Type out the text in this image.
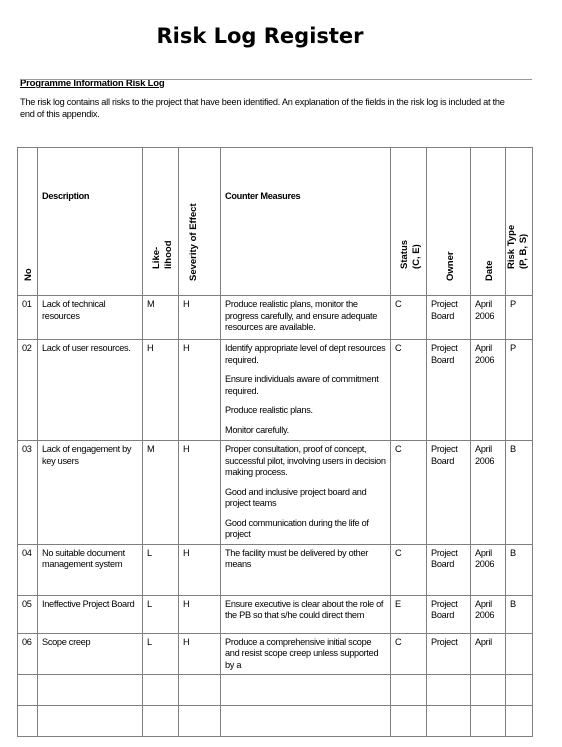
Risk Log Register
Programme Information Risk Log
The risk log contains all risks to the project that have been identified. An explanation of the fields in the risk log is included at the end of this appendix.
No	Description	Like- lihood	Severity of Effect	Counter Measures	Status (C, E)	Owner	Date	Risk Type (P, B, S)

01	Lack of technical resources	M	H	Produce realistic plans, monitor the progress carefully, and ensure adequate resources are available.	C	Project Board	April 2006	P
02	Lack of user resources.	H	H	Identify appropriate level of dept resources required.
Ensure individuals aware of commitment required.
Produce realistic plans.
Monitor carefully.	C	Project Board	April 2006	P
03	Lack of engagement by key users	M	H	Proper consultation, proof of concept, successful pilot, involving users in decision making process.
Good and inclusive project board and project teams
Good communication during the life of project	C	Project Board	April 2006	B
04	No suitable document management system	L	H	The facility must be delivered by other means	C	Project Board	April 2006	B
05	Ineffective Project Board	L	H	Ensure executive is clear about the role of the PB so that s/he could direct them	E	Project Board	April 2006	B
06	Scope creep	L	H	Produce a comprehensive initial scope and resist scope creep unless supported by a	C	Project	April	
